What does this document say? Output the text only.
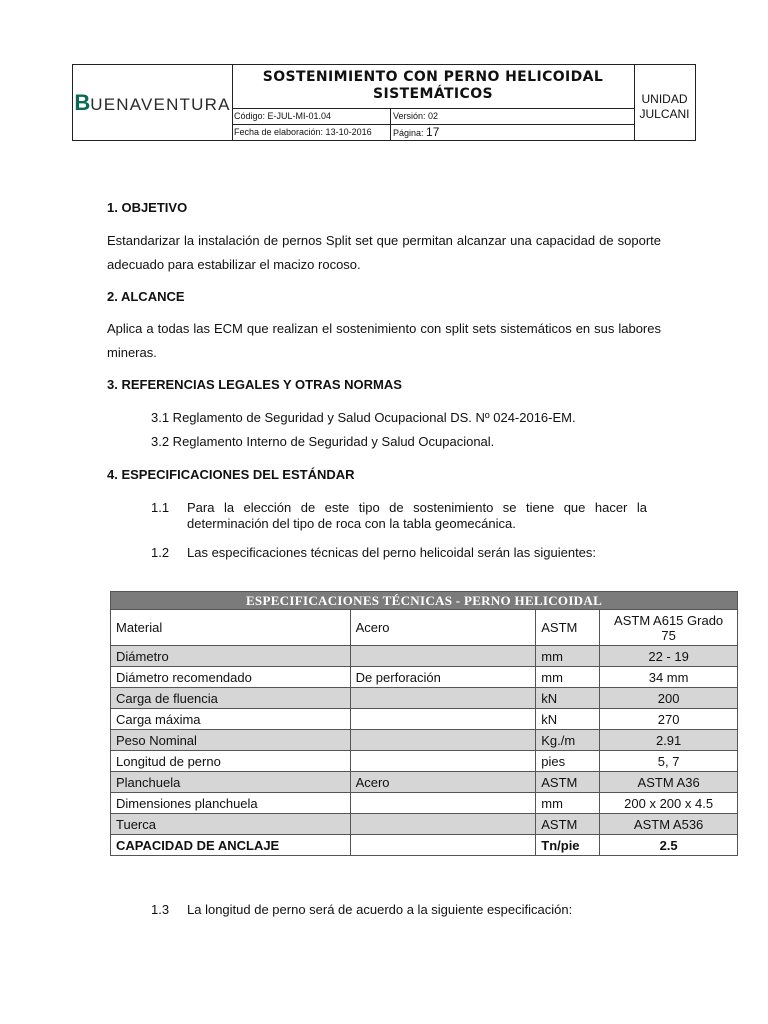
BUENAVENTURA
SOSTENIMIENTO CON PERNO HELICOIDAL
SISTEMÁTICOS
Código: E-JUL-MI-01.04	Versión: 02
Fecha de elaboración: 13-10-2016	Página: 17
UNIDAD
JULCANI
1. OBJETIVO
Estandarizar la instalación de pernos Split set que permitan alcanzar una capacidad de soporte adecuado para estabilizar el macizo rocoso.
2. ALCANCE
Aplica a todas las ECM que realizan el sostenimiento con split sets sistemáticos en sus labores mineras.
3. REFERENCIAS LEGALES Y OTRAS NORMAS
3.1 Reglamento de Seguridad y Salud Ocupacional DS. Nº 024-2016-EM.
3.2 Reglamento Interno de Seguridad y Salud Ocupacional.
4. ESPECIFICACIONES DEL ESTÁNDAR
1.1 Para la elección de este tipo de sostenimiento se tiene que hacer la determinación del tipo de roca con la tabla geomecánica.
1.2 Las especificaciones técnicas del perno helicoidal serán las siguientes:
ESPECIFICACIONES TÉCNICAS - PERNO HELICOIDAL			
Material	Acero	ASTM	ASTM A615 Grado 75
Diámetro		mm	22 - 19
Diámetro recomendado	De perforación	mm	34 mm
Carga de fluencia		kN	200
Carga máxima		kN	270
Peso Nominal		Kg./m	2.91
Longitud de perno		pies	5, 7
Planchuela	Acero	ASTM	ASTM A36
Dimensiones planchuela		mm	200 x 200 x 4.5
Tuerca		ASTM	ASTM A536
CAPACIDAD DE ANCLAJE		Tn/pie	2.5
1.3 La longitud de perno será de acuerdo a la siguiente especificación:
